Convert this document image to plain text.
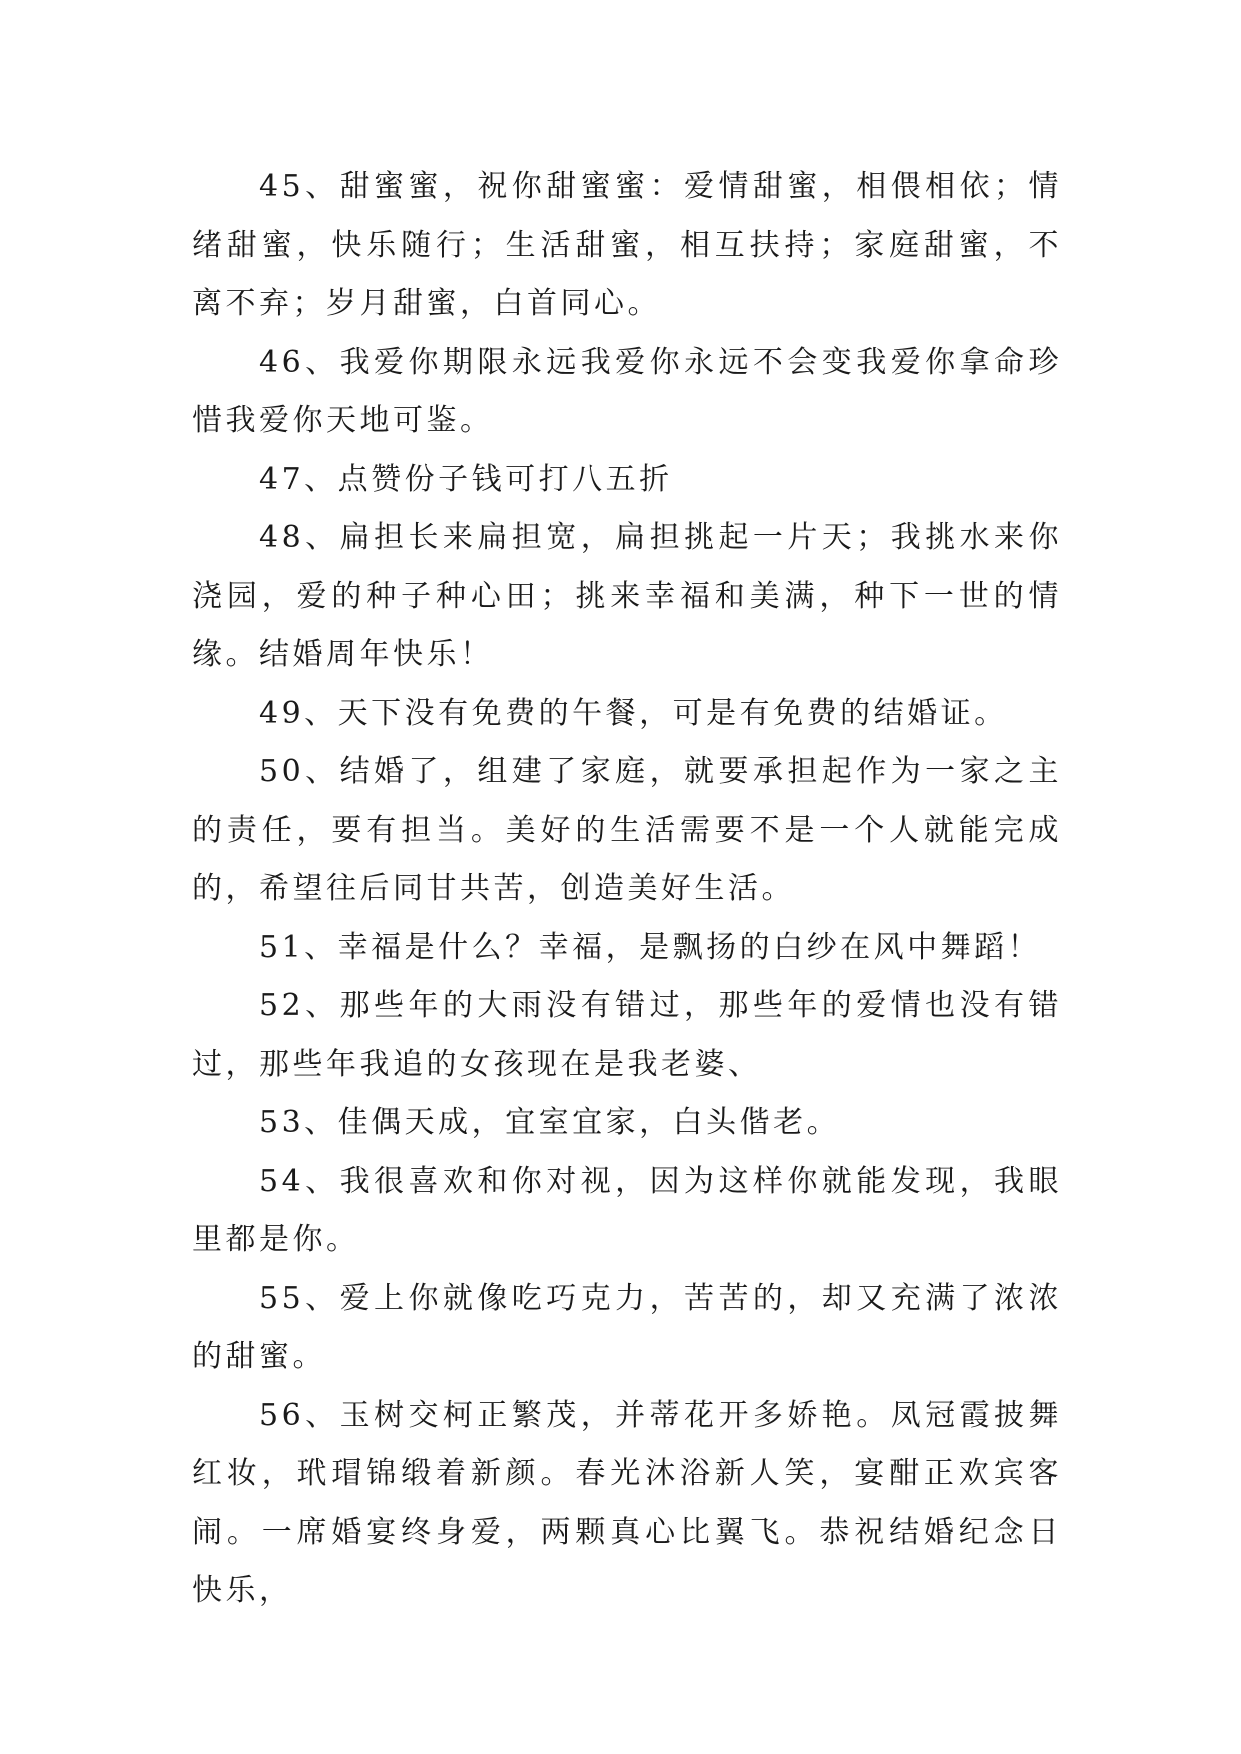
45、甜蜜蜜，祝你甜蜜蜜：爱情甜蜜，相偎相依；情绪甜蜜，快乐随行；生活甜蜜，相互扶持；家庭甜蜜，不离不弃；岁月甜蜜，白首同心。

46、我爱你期限永远我爱你永远不会变我爱你拿命珍惜我爱你天地可鉴。

47、点赞份子钱可打八五折

48、扁担长来扁担宽，扁担挑起一片天；我挑水来你浇园，爱的种子种心田；挑来幸福和美满，种下一世的情缘。结婚周年快乐！

49、天下没有免费的午餐，可是有免费的结婚证。

50、结婚了，组建了家庭，就要承担起作为一家之主的责任，要有担当。美好的生活需要不是一个人就能完成的，希望往后同甘共苦，创造美好生活。

51、幸福是什么？幸福，是飘扬的白纱在风中舞蹈！

52、那些年的大雨没有错过，那些年的爱情也没有错过，那些年我追的女孩现在是我老婆、

53、佳偶天成，宜室宜家，白头偕老。

54、我很喜欢和你对视，因为这样你就能发现，我眼里都是你。

55、爱上你就像吃巧克力，苦苦的，却又充满了浓浓的甜蜜。

56、玉树交柯正繁茂，并蒂花开多娇艳。凤冠霞披舞红妆，玳瑁锦缎着新颜。春光沐浴新人笑，宴酣正欢宾客闹。一席婚宴终身爱，两颗真心比翼飞。恭祝结婚纪念日快乐，
